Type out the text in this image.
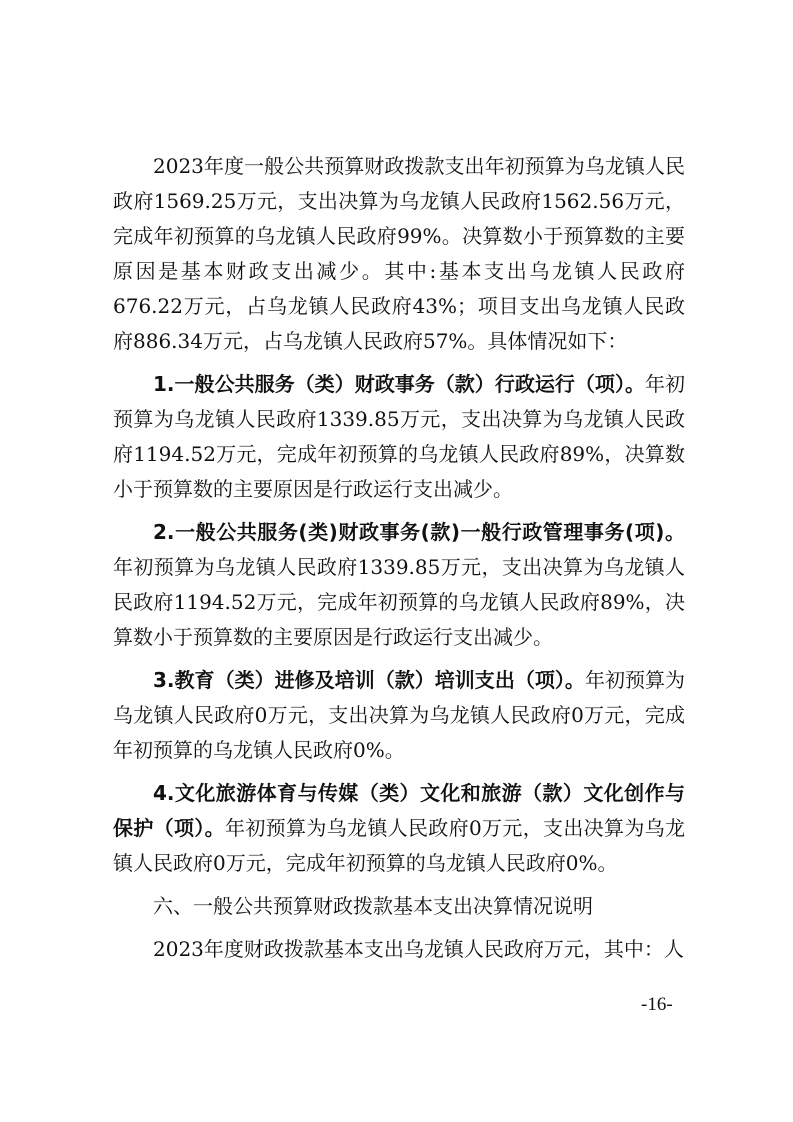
2023年度一般公共预算财政拨款支出年初预算为乌龙镇人民政府1569.25万元，支出决算为乌龙镇人民政府1562.56万元，完成年初预算的乌龙镇人民政府99%。决算数小于预算数的主要原因是基本财政支出减少。其中:基本支出乌龙镇人民政府676.22万元，占乌龙镇人民政府43%；项目支出乌龙镇人民政府886.34万元，占乌龙镇人民政府57%。具体情况如下：

1.一般公共服务（类）财政事务（款）行政运行（项）。年初预算为乌龙镇人民政府1339.85万元，支出决算为乌龙镇人民政府1194.52万元，完成年初预算的乌龙镇人民政府89%，决算数小于预算数的主要原因是行政运行支出减少。

2.一般公共服务(类)财政事务(款)一般行政管理事务(项)。年初预算为乌龙镇人民政府1339.85万元，支出决算为乌龙镇人民政府1194.52万元，完成年初预算的乌龙镇人民政府89%，决算数小于预算数的主要原因是行政运行支出减少。

3.教育（类）进修及培训（款）培训支出（项）。年初预算为乌龙镇人民政府0万元，支出决算为乌龙镇人民政府0万元，完成年初预算的乌龙镇人民政府0%。

4.文化旅游体育与传媒（类）文化和旅游（款）文化创作与保护（项）。年初预算为乌龙镇人民政府0万元，支出决算为乌龙镇人民政府0万元，完成年初预算的乌龙镇人民政府0%。

六、一般公共预算财政拨款基本支出决算情况说明

2023年度财政拨款基本支出乌龙镇人民政府万元，其中：人

-16-
